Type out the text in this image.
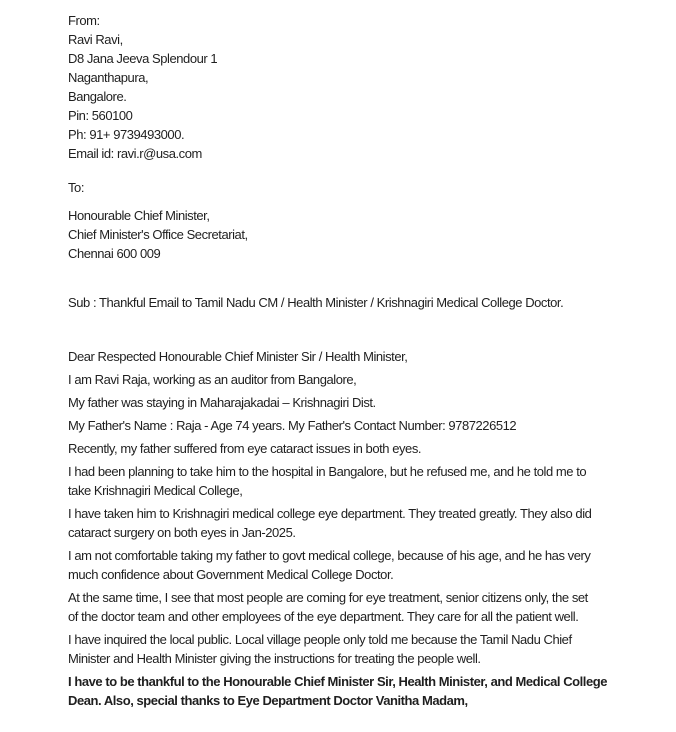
From:
Ravi Ravi,
D8 Jana Jeeva Splendour 1
Naganthapura,
Bangalore.
Pin: 560100
Ph: 91+ 9739493000.
Email id: ravi.r@usa.com
To:
Honourable Chief Minister,
Chief Minister's Office Secretariat,
Chennai 600 009
Sub : Thankful Email to Tamil Nadu CM / Health Minister / Krishnagiri Medical College Doctor.
Dear Respected Honourable Chief Minister Sir / Health Minister,
I am Ravi Raja, working as an auditor from Bangalore,
My father was staying in Maharajakadai – Krishnagiri Dist.
My Father's Name : Raja - Age 74 years. My Father's Contact Number: 9787226512
Recently, my father suffered from eye cataract issues in both eyes.
I had been planning to take him to the hospital in Bangalore, but he refused me, and he told me to
take Krishnagiri Medical College,
I have taken him to Krishnagiri medical college eye department. They treated greatly. They also did
cataract surgery on both eyes in Jan-2025.
I am not comfortable taking my father to govt medical college, because of his age, and he has very
much confidence about Government Medical College Doctor.
At the same time, I see that most people are coming for eye treatment, senior citizens only, the set
of the doctor team and other employees of the eye department. They care for all the patient well.
I have inquired the local public. Local village people only told me because the Tamil Nadu Chief
Minister and Health Minister giving the instructions for treating the people well.
I have to be thankful to the Honourable Chief Minister Sir, Health Minister, and Medical College
Dean. Also, special thanks to Eye Department Doctor Vanitha Madam,
